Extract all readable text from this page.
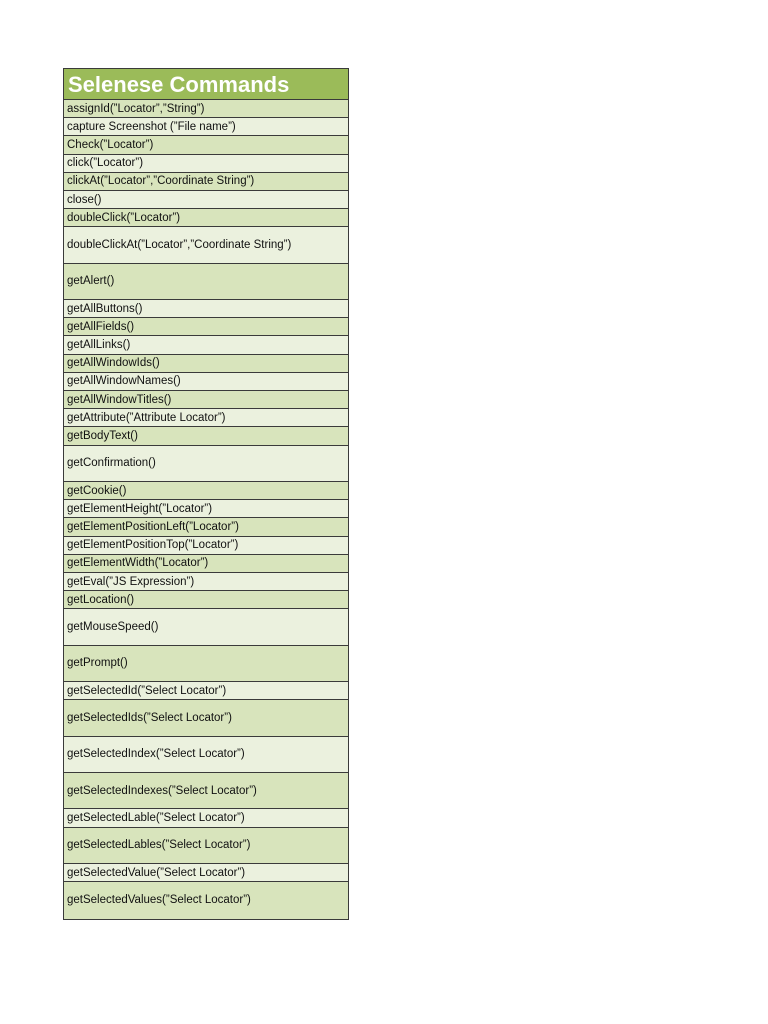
Selenese Commands
assignId(”Locator”,”String”)
capture Screenshot (”File name”)
Check(”Locator”)
click(”Locator”)
clickAt(”Locator”,”Coordinate String”)
close()
doubleClick(”Locator”)
doubleClickAt(”Locator”,”Coordinate String”)
getAlert()
getAllButtons()
getAllFields()
getAllLinks()
getAllWindowIds()
getAllWindowNames()
getAllWindowTitles()
getAttribute(”Attribute Locator”)
getBodyText()
getConfirmation()
getCookie()
getElementHeight(”Locator”)
getElementPositionLeft(”Locator”)
getElementPositionTop(”Locator”)
getElementWidth(”Locator”)
getEval(”JS Expression”)
getLocation()
getMouseSpeed()
getPrompt()
getSelectedId(”Select Locator”)
getSelectedIds(”Select Locator”)
getSelectedIndex(”Select Locator”)
getSelectedIndexes(”Select Locator”)
getSelectedLable(”Select Locator”)
getSelectedLables(”Select Locator”)
getSelectedValue(”Select Locator”)
getSelectedValues(”Select Locator”)
